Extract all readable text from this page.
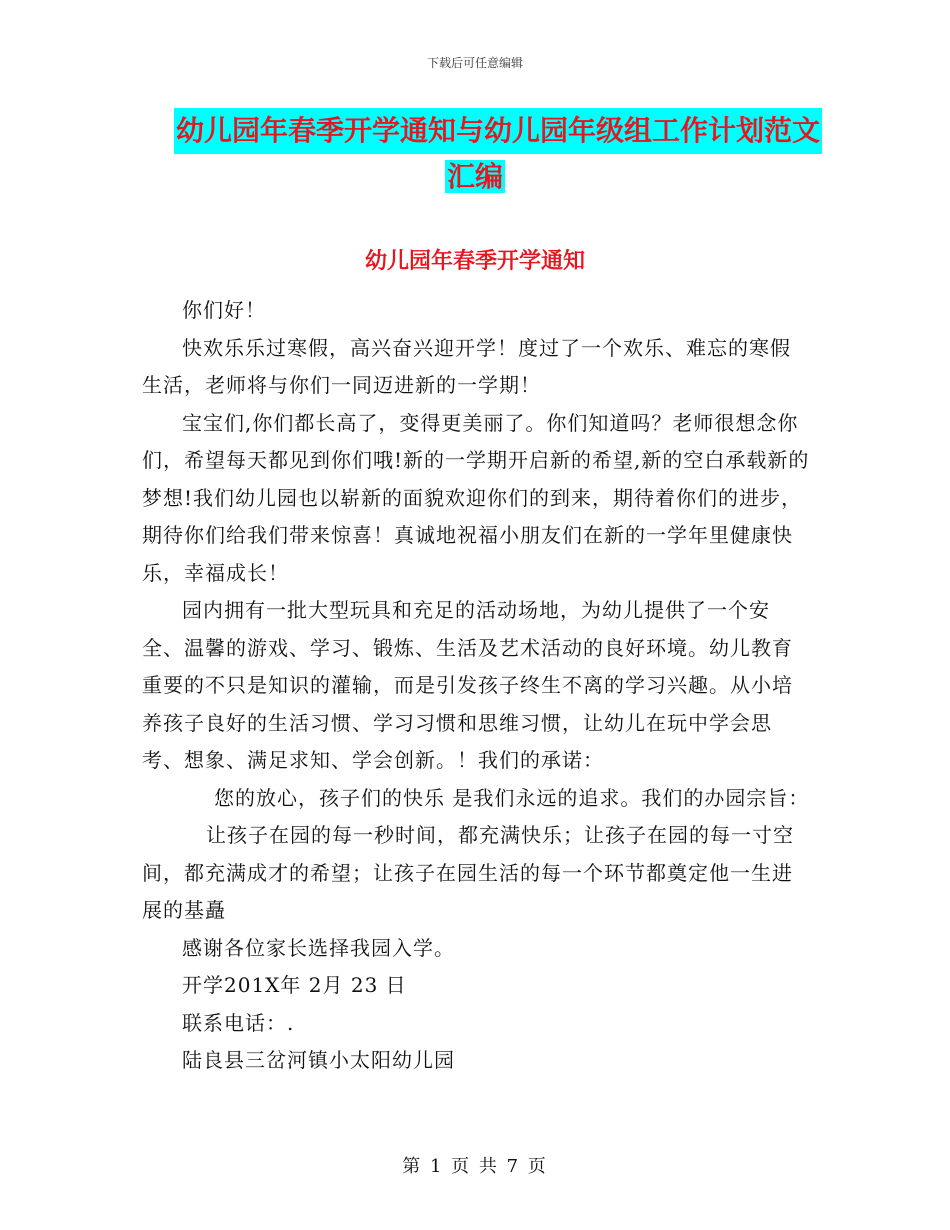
下载后可任意编辑
幼儿园年春季开学通知与幼儿园年级组工作计划范文
汇编
幼儿园年春季开学通知

你们好！

快欢乐乐过寒假，高兴奋兴迎开学！度过了一个欢乐、难忘的寒假生活，老师将与你们一同迈进新的一学期！

宝宝们,你们都长高了，变得更美丽了。你们知道吗？老师很想念你们，希望每天都见到你们哦!新的一学期开启新的希望,新的空白承载新的梦想!我们幼儿园也以崭新的面貌欢迎你们的到来，期待着你们的进步，期待你们给我们带来惊喜！真诚地祝福小朋友们在新的一学年里健康快乐，幸福成长！

园内拥有一批大型玩具和充足的活动场地，为幼儿提供了一个安全、温馨的游戏、学习、锻炼、生活及艺术活动的良好环境。幼儿教育重要的不只是知识的灌输，而是引发孩子终生不离的学习兴趣。从小培养孩子良好的生活习惯、学习习惯和思维习惯，让幼儿在玩中学会思考、想象、满足求知、学会创新。！我们的承诺：

您的放心，孩子们的快乐 是我们永远的追求。我们的办园宗旨：

让孩子在园的每一秒时间，都充满快乐；让孩子在园的每一寸空间，都充满成才的希望；让孩子在园生活的每一个环节都奠定他一生进展的基矗

感谢各位家长选择我园入学。

开学201X年 2月 23 日

联系电话：.

陆良县三岔河镇小太阳幼儿园

第 1 页 共 7 页
